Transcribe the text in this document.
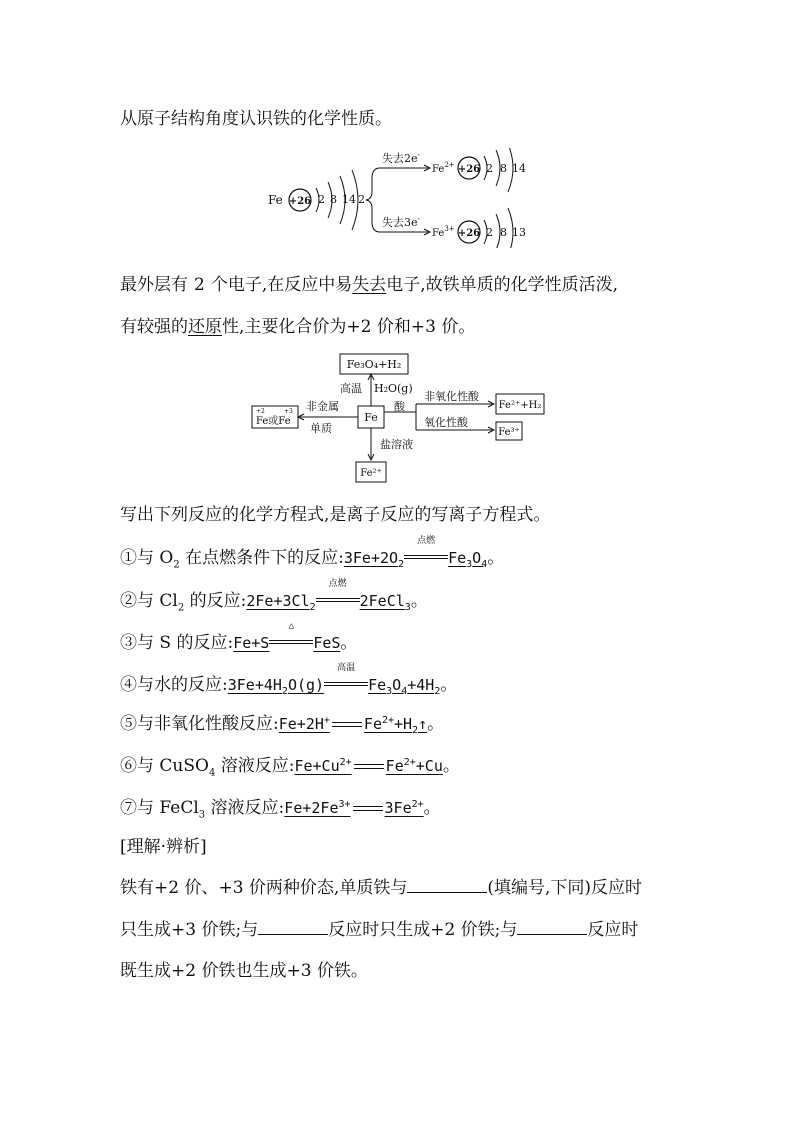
从原子结构角度认识铁的化学性质。
Fe +26 2 8 14 2
失去2e-
$Fe^{2+} +26$ 2 8 14
失去3e-
$Fe^{3+} +26$ 2 8 13
最外层有 2 个电子,在反应中易失去电子,故铁单质的化学性质活泼,
有较强的还原性,主要化合价为+2 价和+3 价。
Fe₃O₄+H₂
Fe
高温 H₂O(g)
酸
非氧化性酸
氧化性酸
Fe²⁺+H₂
Fe³⁺
非金属
单质
Fe或Fe
+2	+3
盐溶液
Fe²⁺
写出下列反应的化学方程式,是离子反应的写离子方程式。
①与 $O_2$ 在点燃条件下的反应$:3Fe+2O_2$
点燃
$Fe_3O_4$。
②与 $Cl_2$ 的反应$:2Fe+3Cl_2$
点燃
2FeCl$_3$。
③与 S 的反应:Fe+S
△
FeS。
④与水的反应$:3Fe+4H_2O(g)$
高温
$Fe_3O_4+4H_2$。
⑤与非氧化性酸反应:Fe+2H+ $Fe^{2+}+H_2↑$。
⑥与 CuSO$_4$ 溶液反应$:Fe+Cu^{2+}$ $Fe^{2+}+Cu$。
⑦与 FeCl$_3$ 溶液反应$:Fe+2Fe^{3+}$ $3Fe^{2+}$。
[理解·辨析]
铁有+2 价、+3 价两种价态,单质铁与	(填编号,下同)反应时
只生成+3 价铁;与	反应时只生成+2 价铁;与	反应时
既生成+2 价铁也生成+3 价铁。
